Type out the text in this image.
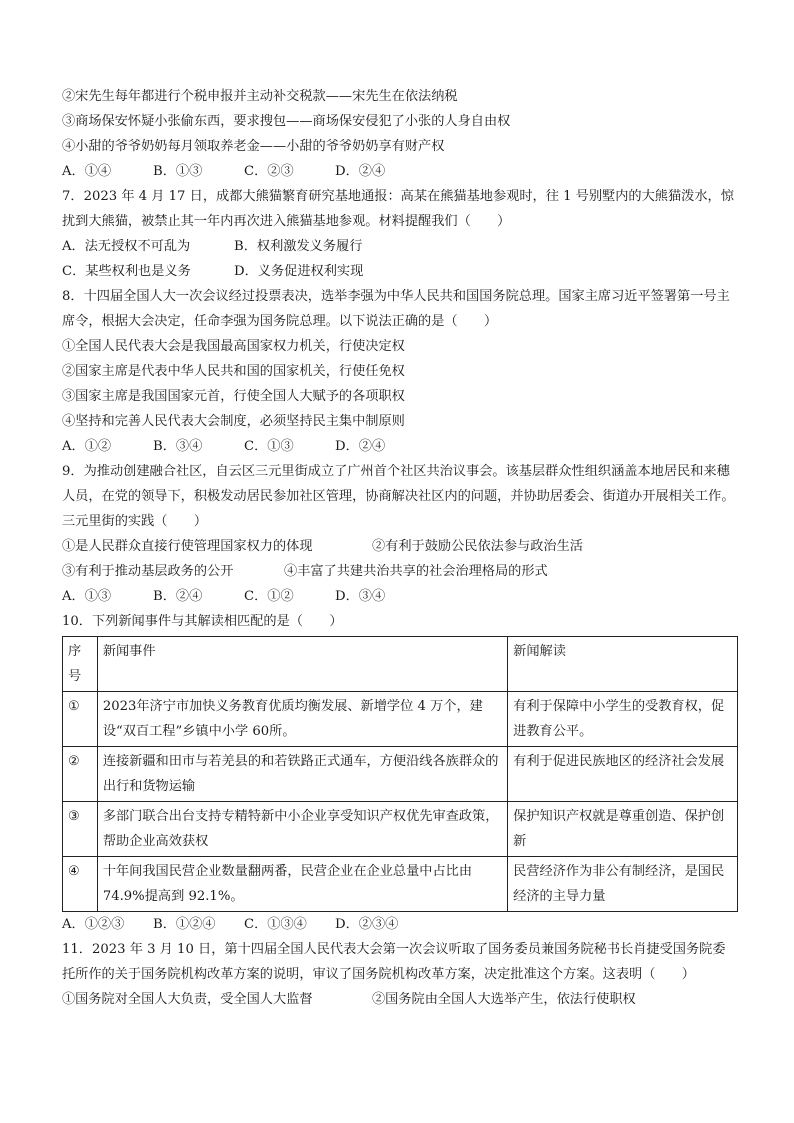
②宋先生每年都进行个税申报并主动补交税款——宋先生在依法纳税
③商场保安怀疑小张偷东西，要求搜包——商场保安侵犯了小张的人身自由权
④小甜的爷爷奶奶每月领取养老金——小甜的爷爷奶奶享有财产权
A．①④	B．①③	C．②③	D．②④
7．2023 年 4 月 17 日，成都大熊猫繁育研究基地通报：高某在熊猫基地参观时，往 1 号别墅内的大熊猫泼水，惊扰到大熊猫，被禁止其一年内再次进入熊猫基地参观。材料提醒我们（　　）
A．法无授权不可乱为	B．权利激发义务履行
C．某些权利也是义务	D．义务促进权利实现
8．十四届全国人大一次会议经过投票表决，选举李强为中华人民共和国国务院总理。国家主席习近平签署第一号主席令，根据大会决定，任命李强为国务院总理。以下说法正确的是（　　）
①全国人民代表大会是我国最高国家权力机关，行使决定权
②国家主席是代表中华人民共和国的国家机关，行使任免权
③国家主席是我国国家元首，行使全国人大赋予的各项职权
④坚持和完善人民代表大会制度，必须坚持民主集中制原则
A．①②	B．③④	C．①③	D．②④
9．为推动创建融合社区，自云区三元里街成立了广州首个社区共治议事会。该基层群众性组织涵盖本地居民和来穗人员，在党的领导下，积极发动居民参加社区管理，协商解决社区内的问题，并协助居委会、街道办开展相关工作。三元里街的实践（　　）
①是人民群众直接行使管理国家权力的体现	②有利于鼓励公民依法参与政治生活
③有利于推动基层政务的公开	④丰富了共建共治共享的社会治理格局的形式
A．①③	B．②④	C．①②	D．③④
10．下列新闻事件与其解读相匹配的是（　　）
序号	新闻事件	新闻解读
①	2023年济宁市加快义务教育优质均衡发展、新增学位 4 万个，建设“双百工程”乡镇中小学 60所。	有利于保障中小学生的受教育权，促进教育公平。
②	连接新疆和田市与若羌县的和若铁路正式通车，方便沿线各族群众的出行和货物运输	有利于促进民族地区的经济社会发展
③	多部门联合出台支持专精特新中小企业享受知识产权优先审查政策，帮助企业高效获权	保护知识产权就是尊重创造、保护创新
④	十年间我国民营企业数量翻两番，民营企业在企业总量中占比由74.9%提高到 92.1%。	民营经济作为非公有制经济，是国民经济的主导力量
A．①②③	B．①②④	C．①③④	D．②③④
11．2023 年 3 月 10 日，第十四届全国人民代表大会第一次会议听取了国务委员兼国务院秘书长肖捷受国务院委托所作的关于国务院机构改革方案的说明，审议了国务院机构改革方案，决定批准这个方案。这表明（　　）
①国务院对全国人大负责，受全国人大监督	②国务院由全国人大选举产生，依法行使职权
